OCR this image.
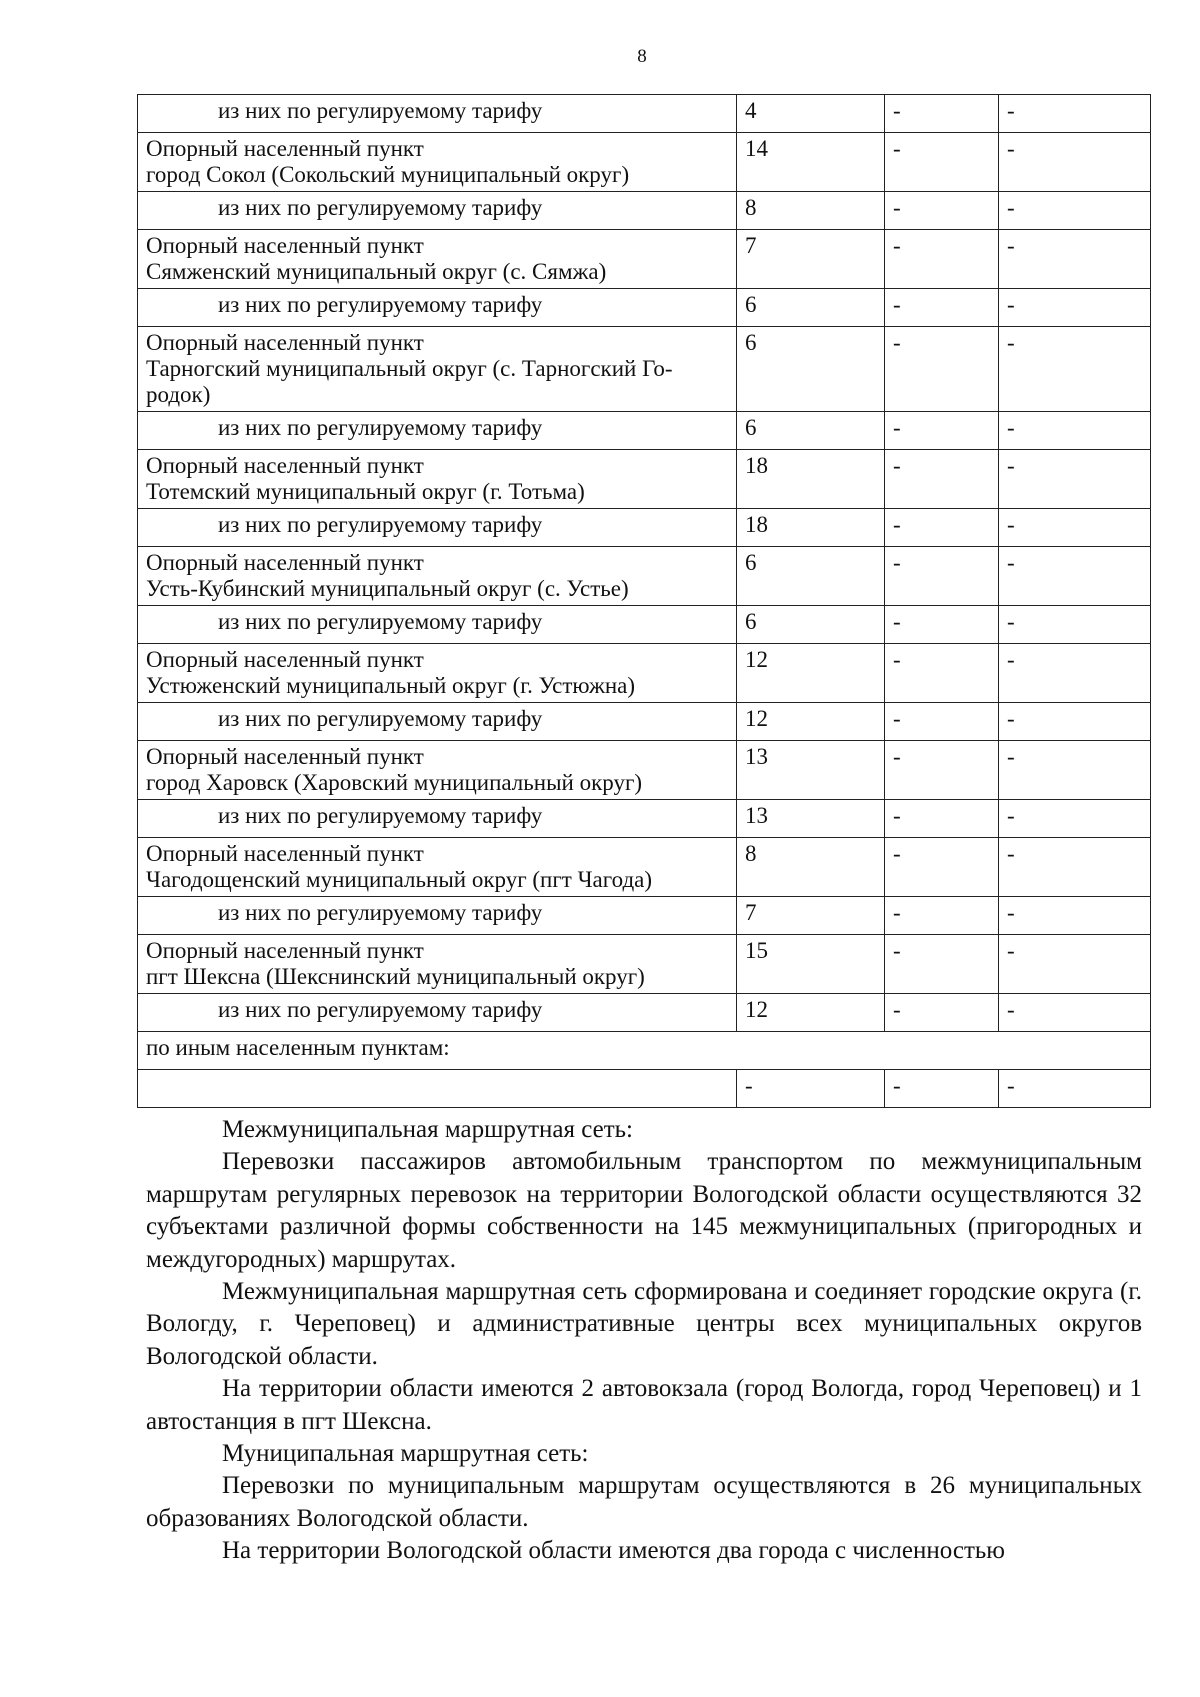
8
из них по регулируемому тарифу	4	-	-

Опорный населенный пункт
город Сокол (Сокольский муниципальный округ)	14	-	-
из них по регулируемому тарифу	8	-	-

Опорный населенный пункт
Сямженский муниципальный округ (с. Сямжа)	7	-	-
из них по регулируемому тарифу	6	-	-

Опорный населенный пункт
Тарногский муниципальный округ (с. Тарногский Го-
родок)	6	-	-
из них по регулируемому тарифу	6	-	-

Опорный населенный пункт
Тотемский муниципальный округ (г. Тотьма)	18	-	-
из них по регулируемому тарифу	18	-	-

Опорный населенный пункт
Усть-Кубинский муниципальный округ (с. Устье)	6	-	-
из них по регулируемому тарифу	6	-	-

Опорный населенный пункт
Устюженский муниципальный округ (г. Устюжна)	12	-	-
из них по регулируемому тарифу	12	-	-

Опорный населенный пункт
город Харовск (Харовский муниципальный округ)	13	-	-
из них по регулируемому тарифу	13	-	-

Опорный населенный пункт
Чагодощенский муниципальный округ (пгт Чагода)	8	-	-
из них по регулируемому тарифу	7	-	-

Опорный населенный пункт
пгт Шексна (Шекснинский муниципальный округ)	15	-	-
из них по регулируемому тарифу	12	-	-
по иным населенным пунктам:			
	-	-	-

Межмуниципальная маршрутная сеть:

Перевозки пассажиров автомобильным транспортом по межмуниципальным маршрутам регулярных перевозок на территории Вологодской области осуществляются 32 субъектами различной формы собственности на 145 межмуниципальных (пригородных и междугородных) маршрутах.

Межмуниципальная маршрутная сеть сформирована и соединяет городские округа (г. Вологду, г. Череповец) и административные центры всех муниципальных округов Вологодской области.

На территории области имеются 2 автовокзала (город Вологда, город Череповец) и 1 автостанция в пгт Шексна.

Муниципальная маршрутная сеть:

Перевозки по муниципальным маршрутам осуществляются в 26 муниципальных образованиях Вологодской области.

На территории Вологодской области имеются два города с численностью
